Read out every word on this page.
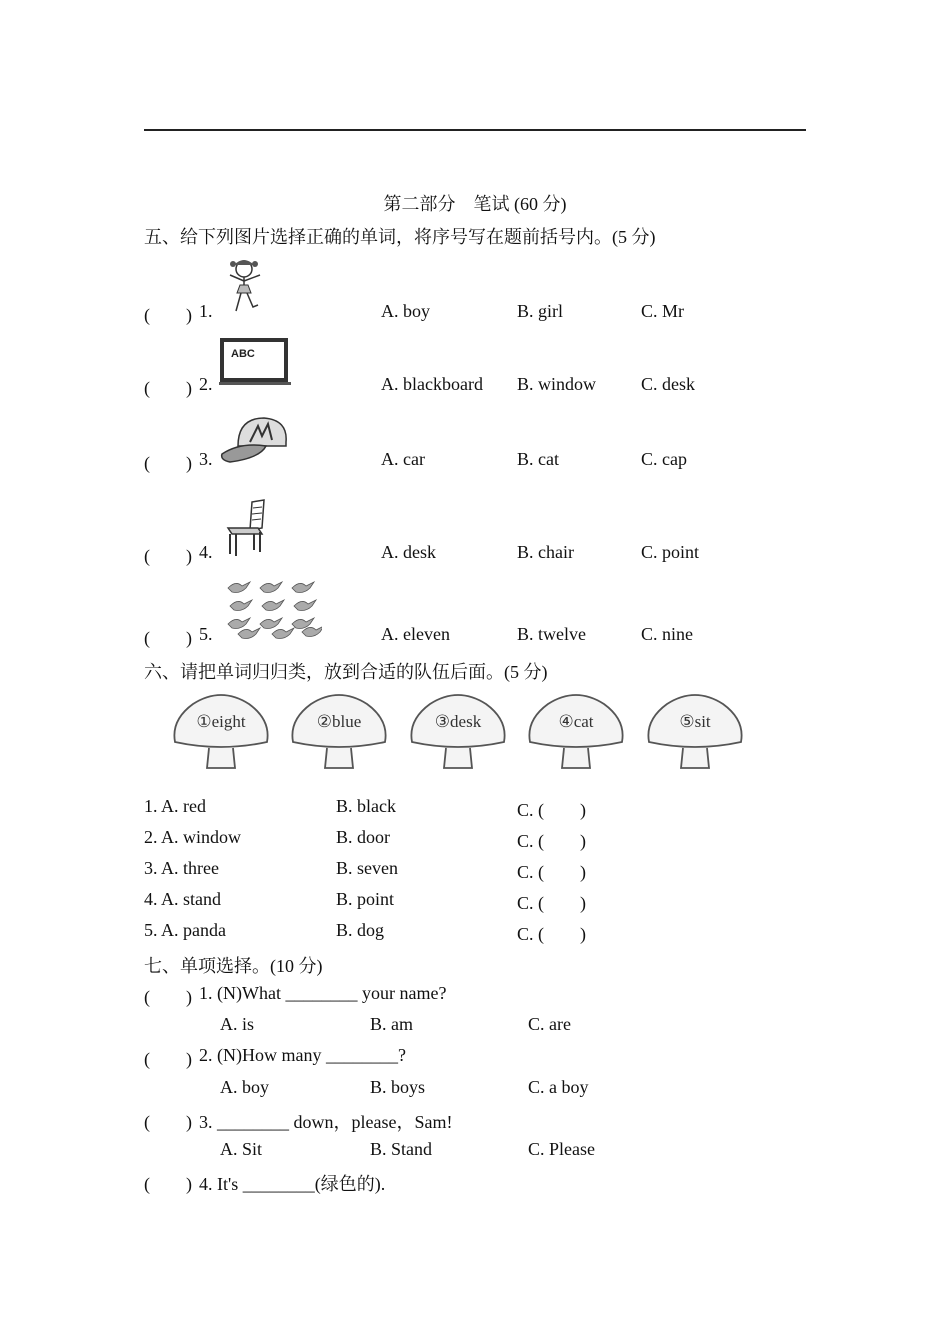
第二部分　笔试 (60 分)
五、给下列图片选择正确的单词，将序号写在题前括号内。(5 分)
(　　) 1.	A. boy	B. girl	C. Mr
(　　) 2.
ABC
A. blackboard B. window C. desk
(　　) 3.	A. car	B. cat	C. cap
(　　) 4.	A. desk	B. chair	C. point
(　　) 5.	A. eleven	B. twelve	C. nine
六、请把单词归归类，放到合适的队伍后面。(5 分)
①eight	②blue	③desk	④cat	⑤sit
1. A. red	B. black	C. (　　)
2. A. window	B. door	C. (　　)
3. A. three	B. seven	C. (　　)
4. A. stand	B. point	C. (　　)
5. A. panda	B. dog	C. (　　)
七、单项选择。(10 分)
(　　) 1. (N)What ________ your name?
A. is	B. am	C. are
(　　) 2. (N)How many ________?
A. boy	B. boys	C. a boy
(　　) 3. ________ down，please，Sam!
A. Sit	B. Stand	C. Please
(　　) 4. It's ________(绿色的).
